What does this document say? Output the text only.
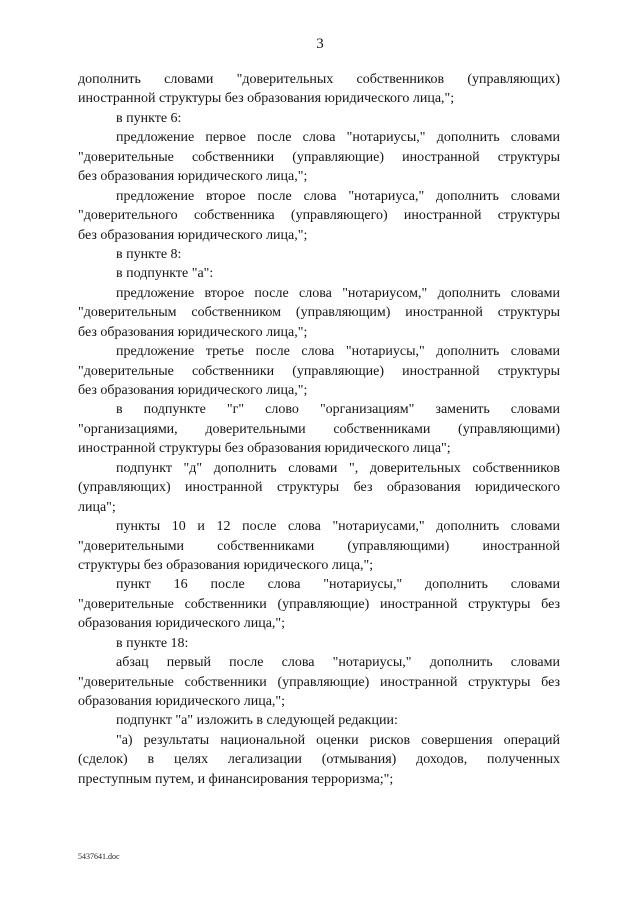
3
дополнить словами "доверительных собственников (управляющих)
иностранной структуры без образования юридического лица,";
в пункте 6:
предложение первое после слова "нотариусы," дополнить словами
"доверительные собственники (управляющие) иностранной структуры
без образования юридического лица,";
предложение второе после слова "нотариуса," дополнить словами
"доверительного собственника (управляющего) иностранной структуры
без образования юридического лица,";
в пункте 8:
в подпункте "а":
предложение второе после слова "нотариусом," дополнить словами
"доверительным собственником (управляющим) иностранной структуры
без образования юридического лица,";
предложение третье после слова "нотариусы," дополнить словами
"доверительные собственники (управляющие) иностранной структуры
без образования юридического лица,";
в подпункте "г" слово "организациям" заменить словами
"организациями, доверительными собственниками (управляющими)
иностранной структуры без образования юридического лица";
подпункт "д" дополнить словами ", доверительных собственников
(управляющих) иностранной структуры без образования юридического
лица";
пункты 10 и 12 после слова "нотариусами," дополнить словами
"доверительными собственниками (управляющими) иностранной
структуры без образования юридического лица,";
пункт 16 после слова "нотариусы," дополнить словами
"доверительные собственники (управляющие) иностранной структуры без
образования юридического лица,";
в пункте 18:
абзац первый после слова "нотариусы," дополнить словами
"доверительные собственники (управляющие) иностранной структуры без
образования юридического лица,";
подпункт "а" изложить в следующей редакции:
"а) результаты национальной оценки рисков совершения операций
(сделок) в целях легализации (отмывания) доходов, полученных
преступным путем, и финансирования терроризма;";
5437641.doc
